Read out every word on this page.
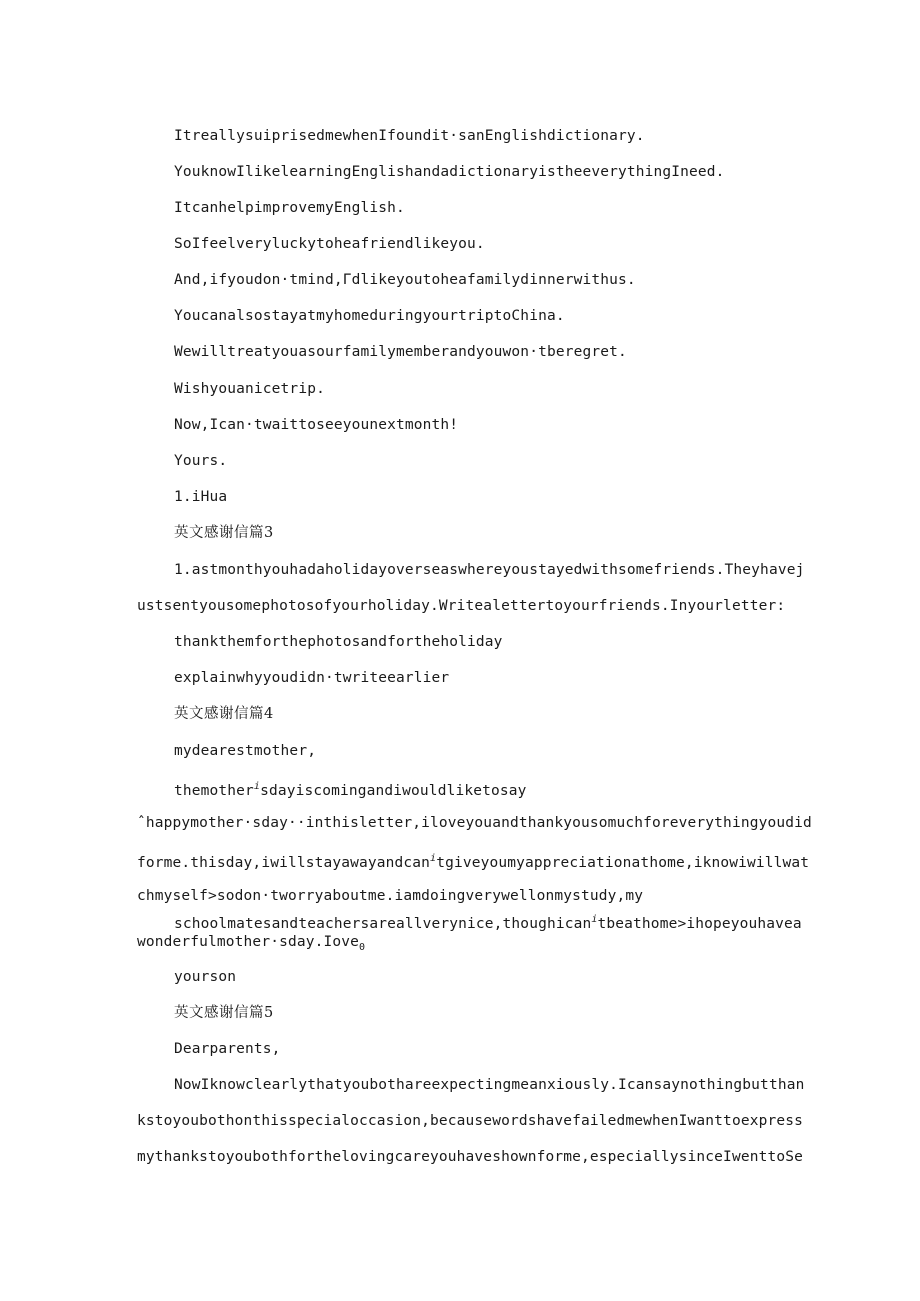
ItreallysuiprisedmewhenIfoundit·sanEnglishdictionary.
YouknowIlikelearningEnglishandadictionaryistheeverythingIneed.
ItcanhelpimprovemyEnglish.
SoIfeelveryluckytoheafriendlikeyou.
And,ifyoudon·tmind,Γdlikeyoutoheafamilydinnerwithus.
YoucanalsostayatmyhomeduringyourtriptoChina.
Wewilltreatyouasourfamilymemberandyouwon·tberegret.
Wishyouanicetrip.
Now,Ican·twaittoseeyounextmonth!
Yours.
1.iHua
英文感谢信篇3
1.astmonthyouhadaholidayoverseaswhereyoustayedwithsomefriends.Theyhavej
ustsentyousomephotosofyourholiday.Writealettertoyourfriends.Inyourletter:
thankthemforthephotosandfortheholiday
explainwhyyoudidn·twriteearlier
英文感谢信篇4
mydearestmother,
themother$^i$sdayiscomingandiwouldliketosay
ˆhappymother·sday··inthisletter,iloveyouandthankyousomuchforeverythingyoudid
forme.thisday,iwillstayawayandcan$^i$tgiveyoumyappreciationathome,iknowiwillwat
chmyself>sodon·tworryaboutme.iamdoingverywellonmystudy,my
schoolmatesandteachersareallverynice,thoughican$^i$tbeathome>ihopeyouhavea
wonderfulmother·sday.Iove$_0$
yourson
英文感谢信篇5
Dearparents,
NowIknowclearlythatyoubothareexpectingmeanxiously.Icansaynothingbutthan
kstoyoubothonthisspecialoccasion,becausewordshavefailedmewhenIwanttoexpress
mythankstoyoubothforthelovingcareyouhaveshownforme,especiallysinceIwenttoSe
